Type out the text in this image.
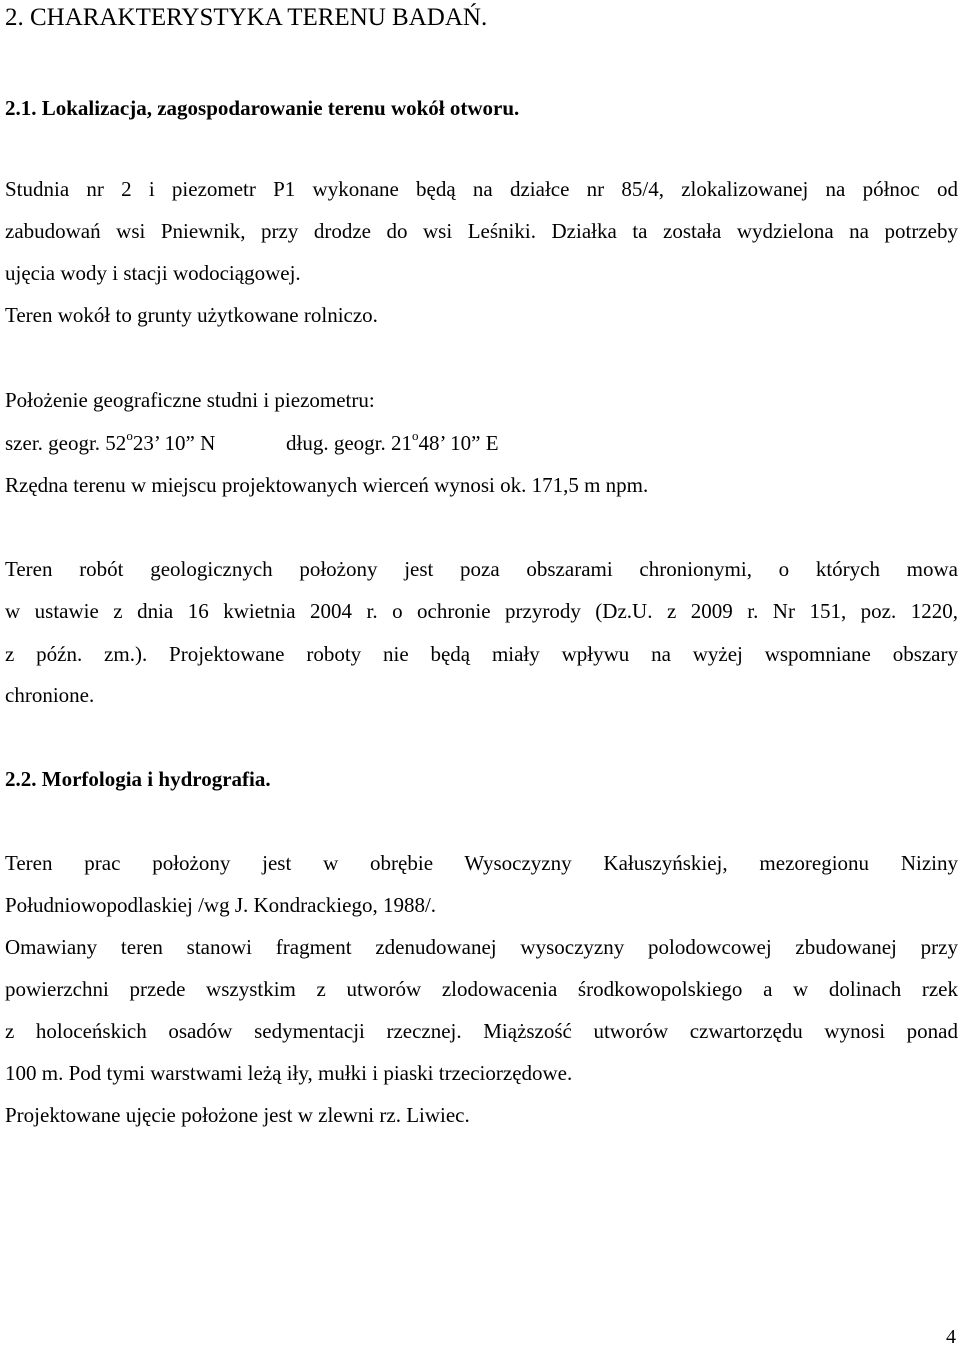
2. CHARAKTERYSTYKA TERENU BADAŃ.
2.1. Lokalizacja, zagospodarowanie terenu wokół otworu.

Studnia nr 2 i piezometr P1 wykonane będą na działce nr 85/4, zlokalizowanej na północ od

zabudowań wsi Pniewnik, przy drodze do wsi Leśniki. Działka ta została wydzielona na potrzeby

ujęcia wody i stacji wodociągowej.

Teren wokół to grunty użytkowane rolniczo.

Położenie geograficzne studni i piezometru:

szer. geogr. 52$^o$23’ 10” N	dług. geogr. 21$^o$48’ 10” E

Rzędna terenu w miejscu projektowanych wierceń wynosi ok. 171,5 m npm.

Teren robót geologicznych położony jest poza obszarami chronionymi, o których mowa

w ustawie z dnia 16 kwietnia 2004 r. o ochronie przyrody (Dz.U. z 2009 r. Nr 151, poz. 1220,

z późn. zm.). Projektowane roboty nie będą miały wpływu na wyżej wspomniane obszary

chronione.

2.2. Morfologia i hydrografia.

Teren prac położony jest w obrębie Wysoczyzny Kałuszyńskiej, mezoregionu Niziny

Południowopodlaskiej /wg J. Kondrackiego, 1988/.

Omawiany teren stanowi fragment zdenudowanej wysoczyzny polodowcowej zbudowanej przy

powierzchni przede wszystkim z utworów zlodowacenia środkowopolskiego a w dolinach rzek

z holoceńskich osadów sedymentacji rzecznej. Miąższość utworów czwartorzędu wynosi ponad

100 m. Pod tymi warstwami leżą iły, mułki i piaski trzeciorzędowe.

Projektowane ujęcie położone jest w zlewni rz. Liwiec.

4
